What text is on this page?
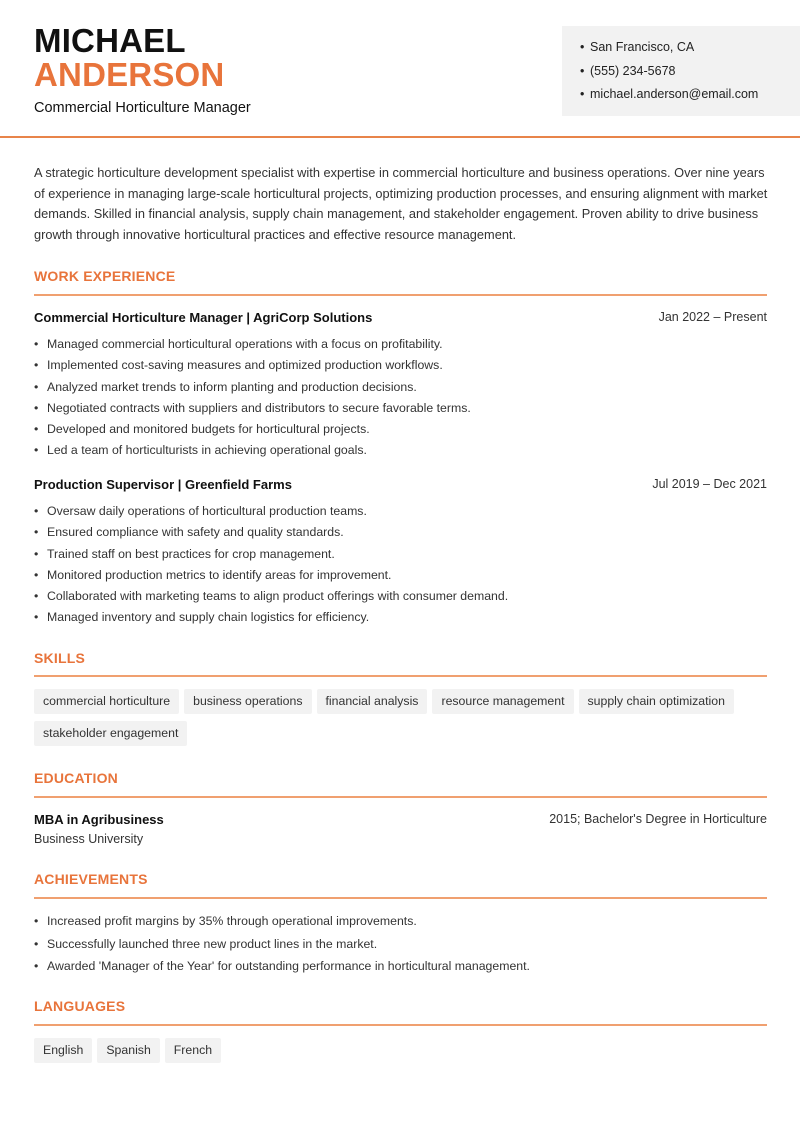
MICHAEL
ANDERSON
Commercial Horticulture Manager
• San Francisco, CA
• (555) 234-5678
• michael.anderson@email.com

A strategic horticulture development specialist with expertise in commercial horticulture and business operations. Over nine years of experience in managing large-scale horticultural projects, optimizing production processes, and ensuring alignment with market demands. Skilled in financial analysis, supply chain management, and stakeholder engagement. Proven ability to drive business growth through innovative horticultural practices and effective resource management.

WORK EXPERIENCE
Commercial Horticulture Manager | AgriCorp Solutions	Jan 2022 – Present
• Managed commercial horticultural operations with a focus on profitability.
• Implemented cost-saving measures and optimized production workflows.
• Analyzed market trends to inform planting and production decisions.
• Negotiated contracts with suppliers and distributors to secure favorable terms.
• Developed and monitored budgets for horticultural projects.
• Led a team of horticulturists in achieving operational goals.
Production Supervisor | Greenfield Farms	Jul 2019 – Dec 2021
• Oversaw daily operations of horticultural production teams.
• Ensured compliance with safety and quality standards.
• Trained staff on best practices for crop management.
• Monitored production metrics to identify areas for improvement.
• Collaborated with marketing teams to align product offerings with consumer demand.
• Managed inventory and supply chain logistics for efficiency.
SKILLS
commercial horticulture business operations financial analysis resource management supply chain optimizationstakeholder engagement
EDUCATION
MBA in Agribusiness	2015; Bachelor's Degree in Horticulture
Business University
ACHIEVEMENTS
• Increased profit margins by 35% through operational improvements.
• Successfully launched three new product lines in the market.
• Awarded 'Manager of the Year' for outstanding performance in horticultural management.
LANGUAGES
English Spanish French
